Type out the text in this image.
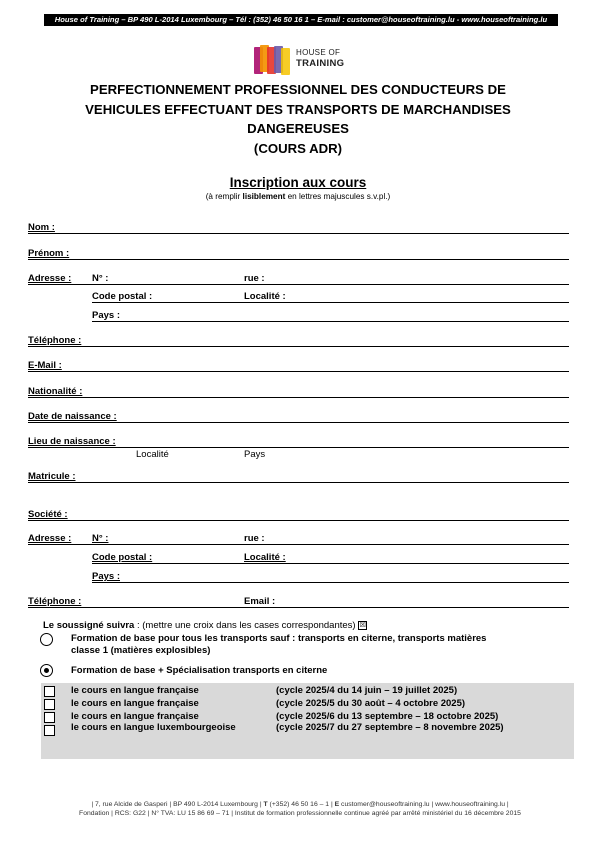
House of Training – BP 490 L-2014 Luxembourg – Tél : (352) 46 50 16 1 – E-mail : customer@houseoftraining.lu - www.houseoftraining.lu
HOUSE OF
TRAINING
PERFECTIONNEMENT PROFESSIONNEL DES CONDUCTEURS DE
VEHICULES EFFECTUANT DES TRANSPORTS DE MARCHANDISES
DANGEREUSES
(COURS ADR)
Inscription aux cours
(à remplir lisiblement en lettres majuscules s.v.pl.)
Nom :
Prénom :
Adresse : N° :	rue :
Code postal :	Localité :
Pays :
Téléphone :
E-Mail :
Nationalité :
Date de naissance :
Lieu de naissance :
Localité	Pays
Matricule :
Société :
Adresse : N° :	rue :
Code postal :	Localité :
Pays :
Téléphone :	Email :
Le soussigné suivra : (mettre une croix dans les cases correspondantes) ☒
Formation de base pour tous les transports sauf : transports en citerne, transports matières
classe 1 (matières explosibles)
Formation de base + Spécialisation transports en citerne
le cours en langue française	(cycle 2025/4 du 14 juin – 19 juillet 2025)
le cours en langue française	(cycle 2025/5 du 30 août – 4 octobre 2025)
le cours en langue française	(cycle 2025/6 du 13 septembre – 18 octobre 2025)
le cours en langue luxembourgeoise	(cycle 2025/7 du 27 septembre – 8 novembre 2025)
| 7, rue Alcide de Gasperi | BP 490 L-2014 Luxembourg | T (+352) 46 50 16 – 1 | E customer@houseoftraining.lu | www.houseoftraining.lu |
Fondation | RCS: G22 | N° TVA: LU 15 86 69 – 71 | Institut de formation professionnelle continue agréé par arrêté ministériel du 16 décembre 2015
